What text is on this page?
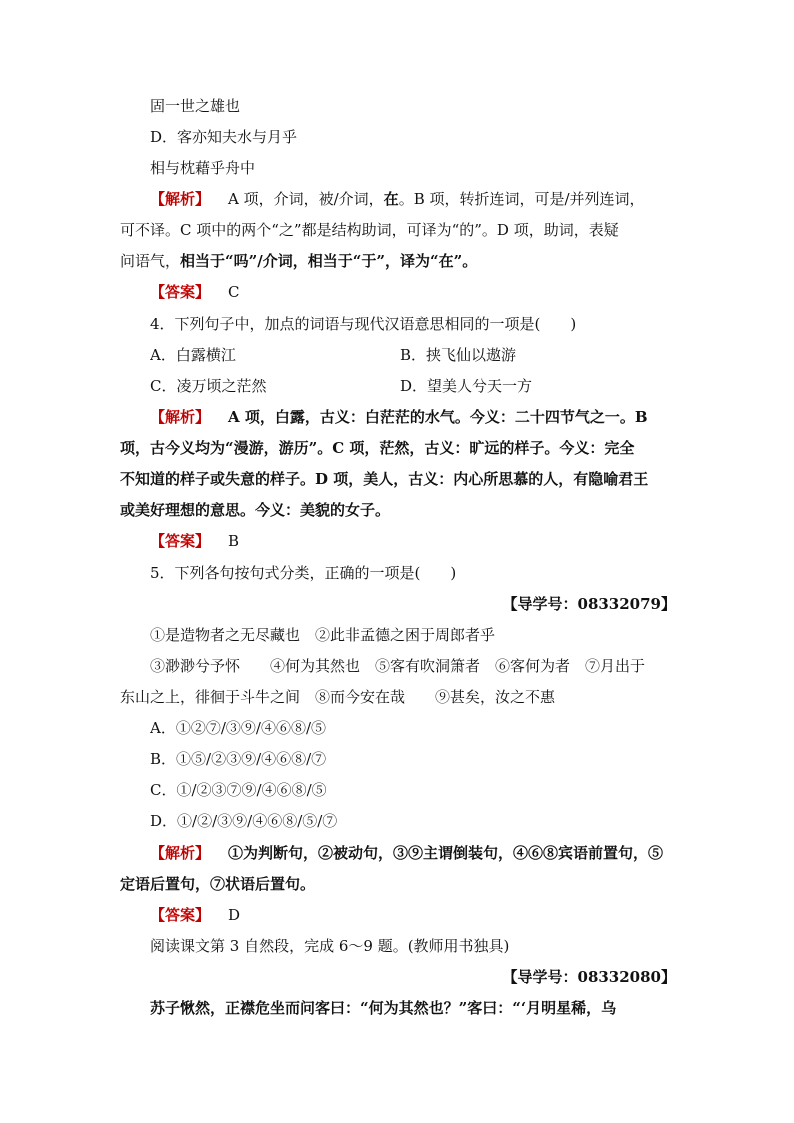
固一世之雄也
D．客亦知夫水与月乎
相与枕藉乎舟中
【解析】 A 项，介词，被/介词，在。B 项，转折连词，可是/并列连词，
可不译。C 项中的两个“之”都是结构助词，可译为“的”。D 项，助词，表疑
问语气，相当于“吗”/介词，相当于“于”，译为“在”。
【答案】 C
4．下列句子中，加点的词语与现代汉语意思相同的一项是(　　)
A．白露横江	B．挟飞仙以遨游
C．凌万顷之茫然	D．望美人兮天一方
【解析】 A 项，白露，古义：白茫茫的水气。今义：二十四节气之一。B
项，古今义均为“漫游，游历”。C 项，茫然，古义：旷远的样子。今义：完全
不知道的样子或失意的样子。D 项，美人，古义：内心所思慕的人，有隐喻君王
或美好理想的意思。今义：美貌的女子。
【答案】 B
5．下列各句按句式分类，正确的一项是(　　)
【导学号：08332079】
①是造物者之无尽藏也　②此非孟德之困于周郎者乎
③渺渺兮予怀　　④何为其然也　⑤客有吹洞箫者　⑥客何为者　⑦月出于
东山之上，徘徊于斗牛之间　⑧而今安在哉　　⑨甚矣，汝之不惠
A．①②⑦/③⑨/④⑥⑧/⑤
B．①⑤/②③⑨/④⑥⑧/⑦
C．①/②③⑦⑨/④⑥⑧/⑤
D．①/②/③⑨/④⑥⑧/⑤/⑦
【解析】 ①为判断句，②被动句，③⑨主谓倒装句，④⑥⑧宾语前置句，⑤
定语后置句，⑦状语后置句。
【答案】 D
阅读课文第 3 自然段，完成 6～9 题。(教师用书独具)
【导学号：08332080】
苏子愀然，正襟危坐而问客曰：“何为其然也？”客曰：“‘月明星稀，乌
